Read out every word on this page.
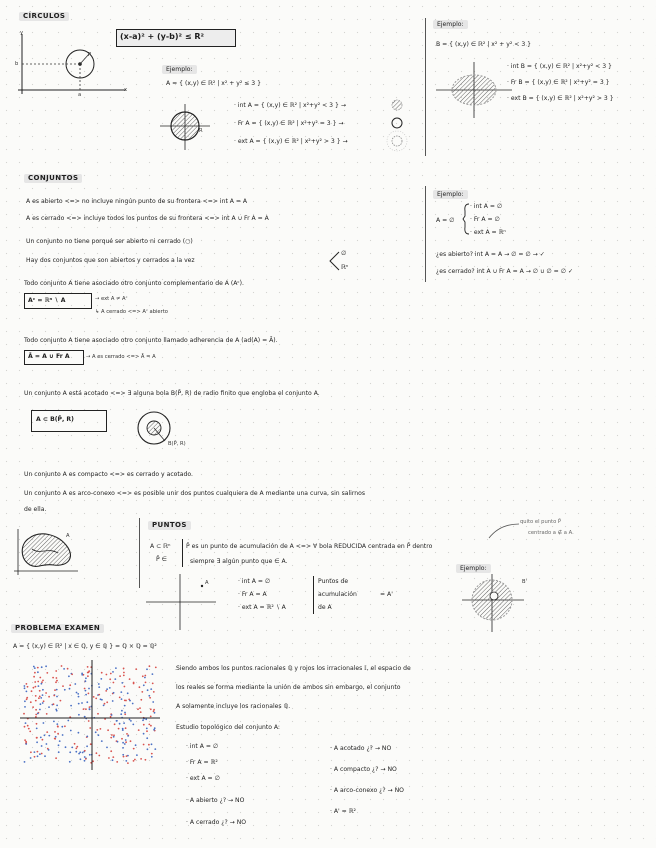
CÍRCULOS
y
x
b
a
R
(x-a)² + (y-b)² ≤ R²
Ejemplo:
A = { (x,y) ∈ ℝ² | x² + y² ≤ 3 }
R
· int A = { (x,y) ∈ ℝ² | x²+y² < 3 } →
· Fr A = { (x,y) ∈ ℝ² | x²+y² = 3 } →
· ext A = { (x,y) ∈ ℝ² | x²+y² > 3 } →
Ejemplo:
B = { (x,y) ∈ ℝ² | x² + y² < 3 }
· int B = { (x,y) ∈ ℝ² | x²+y² < 3 }
· Fr B = { (x,y) ∈ ℝ² | x²+y² = 3 }
· ext B = { (x,y) ∈ ℝ² | x²+y² > 3 }
CONJUNTOS
A es abierto <=> no incluye ningún punto de su frontera <=> int A = A
A es cerrado <=> incluye todos los puntos de su frontera <=> int A ∪ Fr A = A
Un conjunto no tiene porqué ser abierto ni cerrado (○)
Hay dos conjuntos que son abiertos y cerrados a la vez
∅
ℝⁿ
Todo conjunto A tiene asociado otro conjunto complementario de A (Aᶜ).
Aᶜ = ℝⁿ ∖ A	→ ext A ≠ Aᶜ
↳ A cerrado <=> Aᶜ abierto
Ejemplo:
A = ∅
· int A = ∅
· Fr A = ∅
· ext A = ℝⁿ
¿es abierto? int A = A → ∅ = ∅ → ✓
¿es cerrado? int A ∪ Fr A = A → ∅ ∪ ∅ = ∅ ✓
Todo conjunto A tiene asociado otro conjunto llamado adherencia de A (ad(A) = Ā).
Ā = A ∪ Fr A	→ A es cerrado <=> Ā = A
Un conjunto A está acotado <=> ∃ alguna bola B(P̄, R) de radio finito que engloba el conjunto A.
A ⊂ B(P̄, R)
B(P̄, R)
Un conjunto A es compacto <=> es cerrado y acotado.
Un conjunto A es arco-conexo <=> es posible unir dos puntos cualquiera de A mediante una curva, sin salirnos
de ella.
A
PUNTOS
A ⊂ ℝⁿ
P̄ ∈
P̄ es un punto de acumulación de A <=> ∀ bola REDUCIDA centrada en P̄ dentro
siempre ∃ algún punto que ∈ A.
quito el punto P̄
centrado a ∉ a A.
A	· int A = ∅
· Fr A = A
· ext A = ℝ² ∖ A
Puntos de
acumulación
de A
= A'
Ejemplo:
B'
PROBLEMA EXAMEN
A = { (x,y) ∈ ℝ² | x ∈ ℚ, y ∈ ℚ } = ℚ × ℚ = ℚ²
Siendo ambos los puntos racionales ℚ y rojos los irracionales 𝕀, el espacio de
los reales se forma mediante la unión de ambos sin embargo, el conjunto
A solamente incluye los racionales ℚ.
Estudio topológico del conjunto A:
· int A = ∅
· Fr A = ℝ²
· ext A = ∅
· A abierto ¿? → NO
· A cerrado ¿? → NO
· A acotado ¿? → NO
· A compacto ¿? → NO
· A arco-conexo ¿? → NO
· A' = ℝ²
